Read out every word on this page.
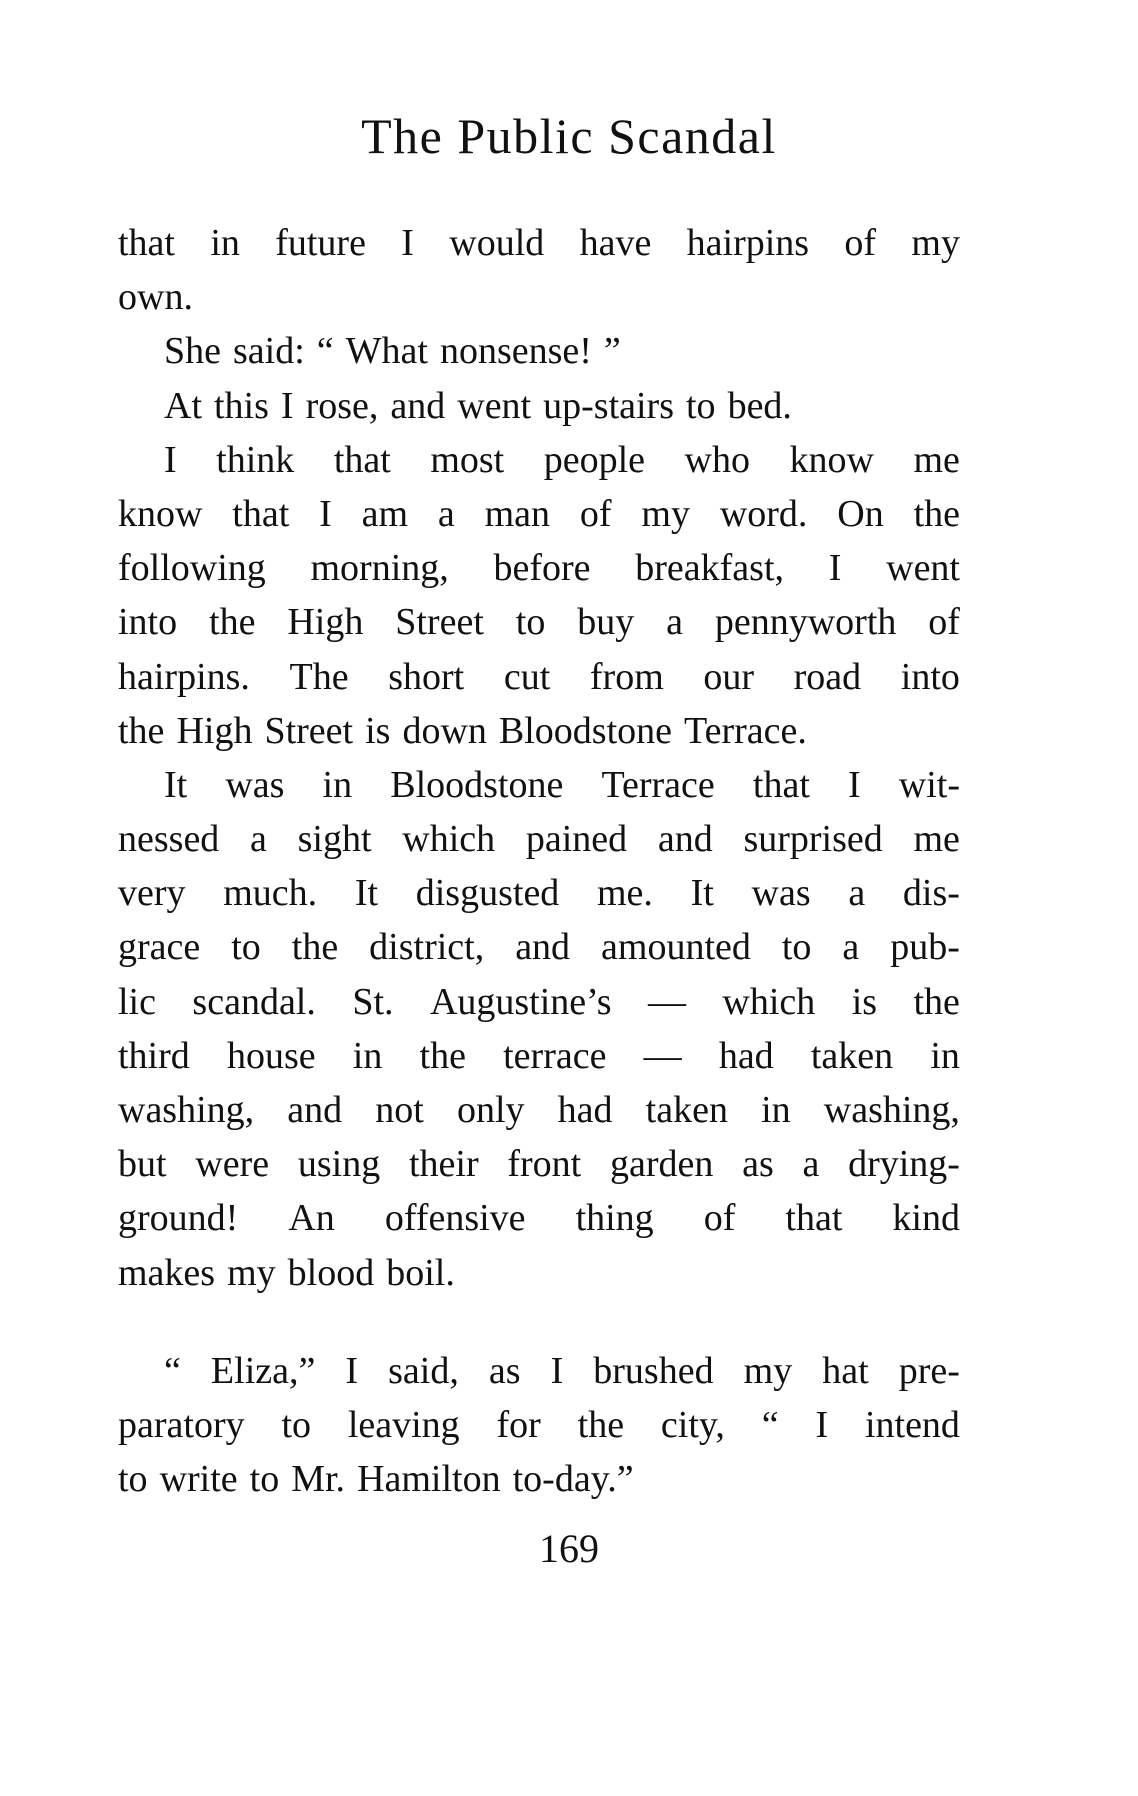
The Public Scandal
that in future I would have hairpins of my
own.
She said: “ What nonsense! ”
At this I rose, and went up-stairs to bed.
I think that most people who know me
know that I am a man of my word. On the
following morning, before breakfast, I went
into the High Street to buy a pennyworth of
hairpins. The short cut from our road into
the High Street is down Bloodstone Terrace.
It was in Bloodstone Terrace that I wit-
nessed a sight which pained and surprised me
very much. It disgusted me. It was a dis-
grace to the district, and amounted to a pub-
lic scandal. St. Augustine’s — which is the
third house in the terrace — had taken in
washing, and not only had taken in washing,
but were using their front garden as a drying-
ground! An offensive thing of that kind
makes my blood boil.
“ Eliza,” I said, as I brushed my hat pre-
paratory to leaving for the city, “ I intend
to write to Mr. Hamilton to-day.”
169
